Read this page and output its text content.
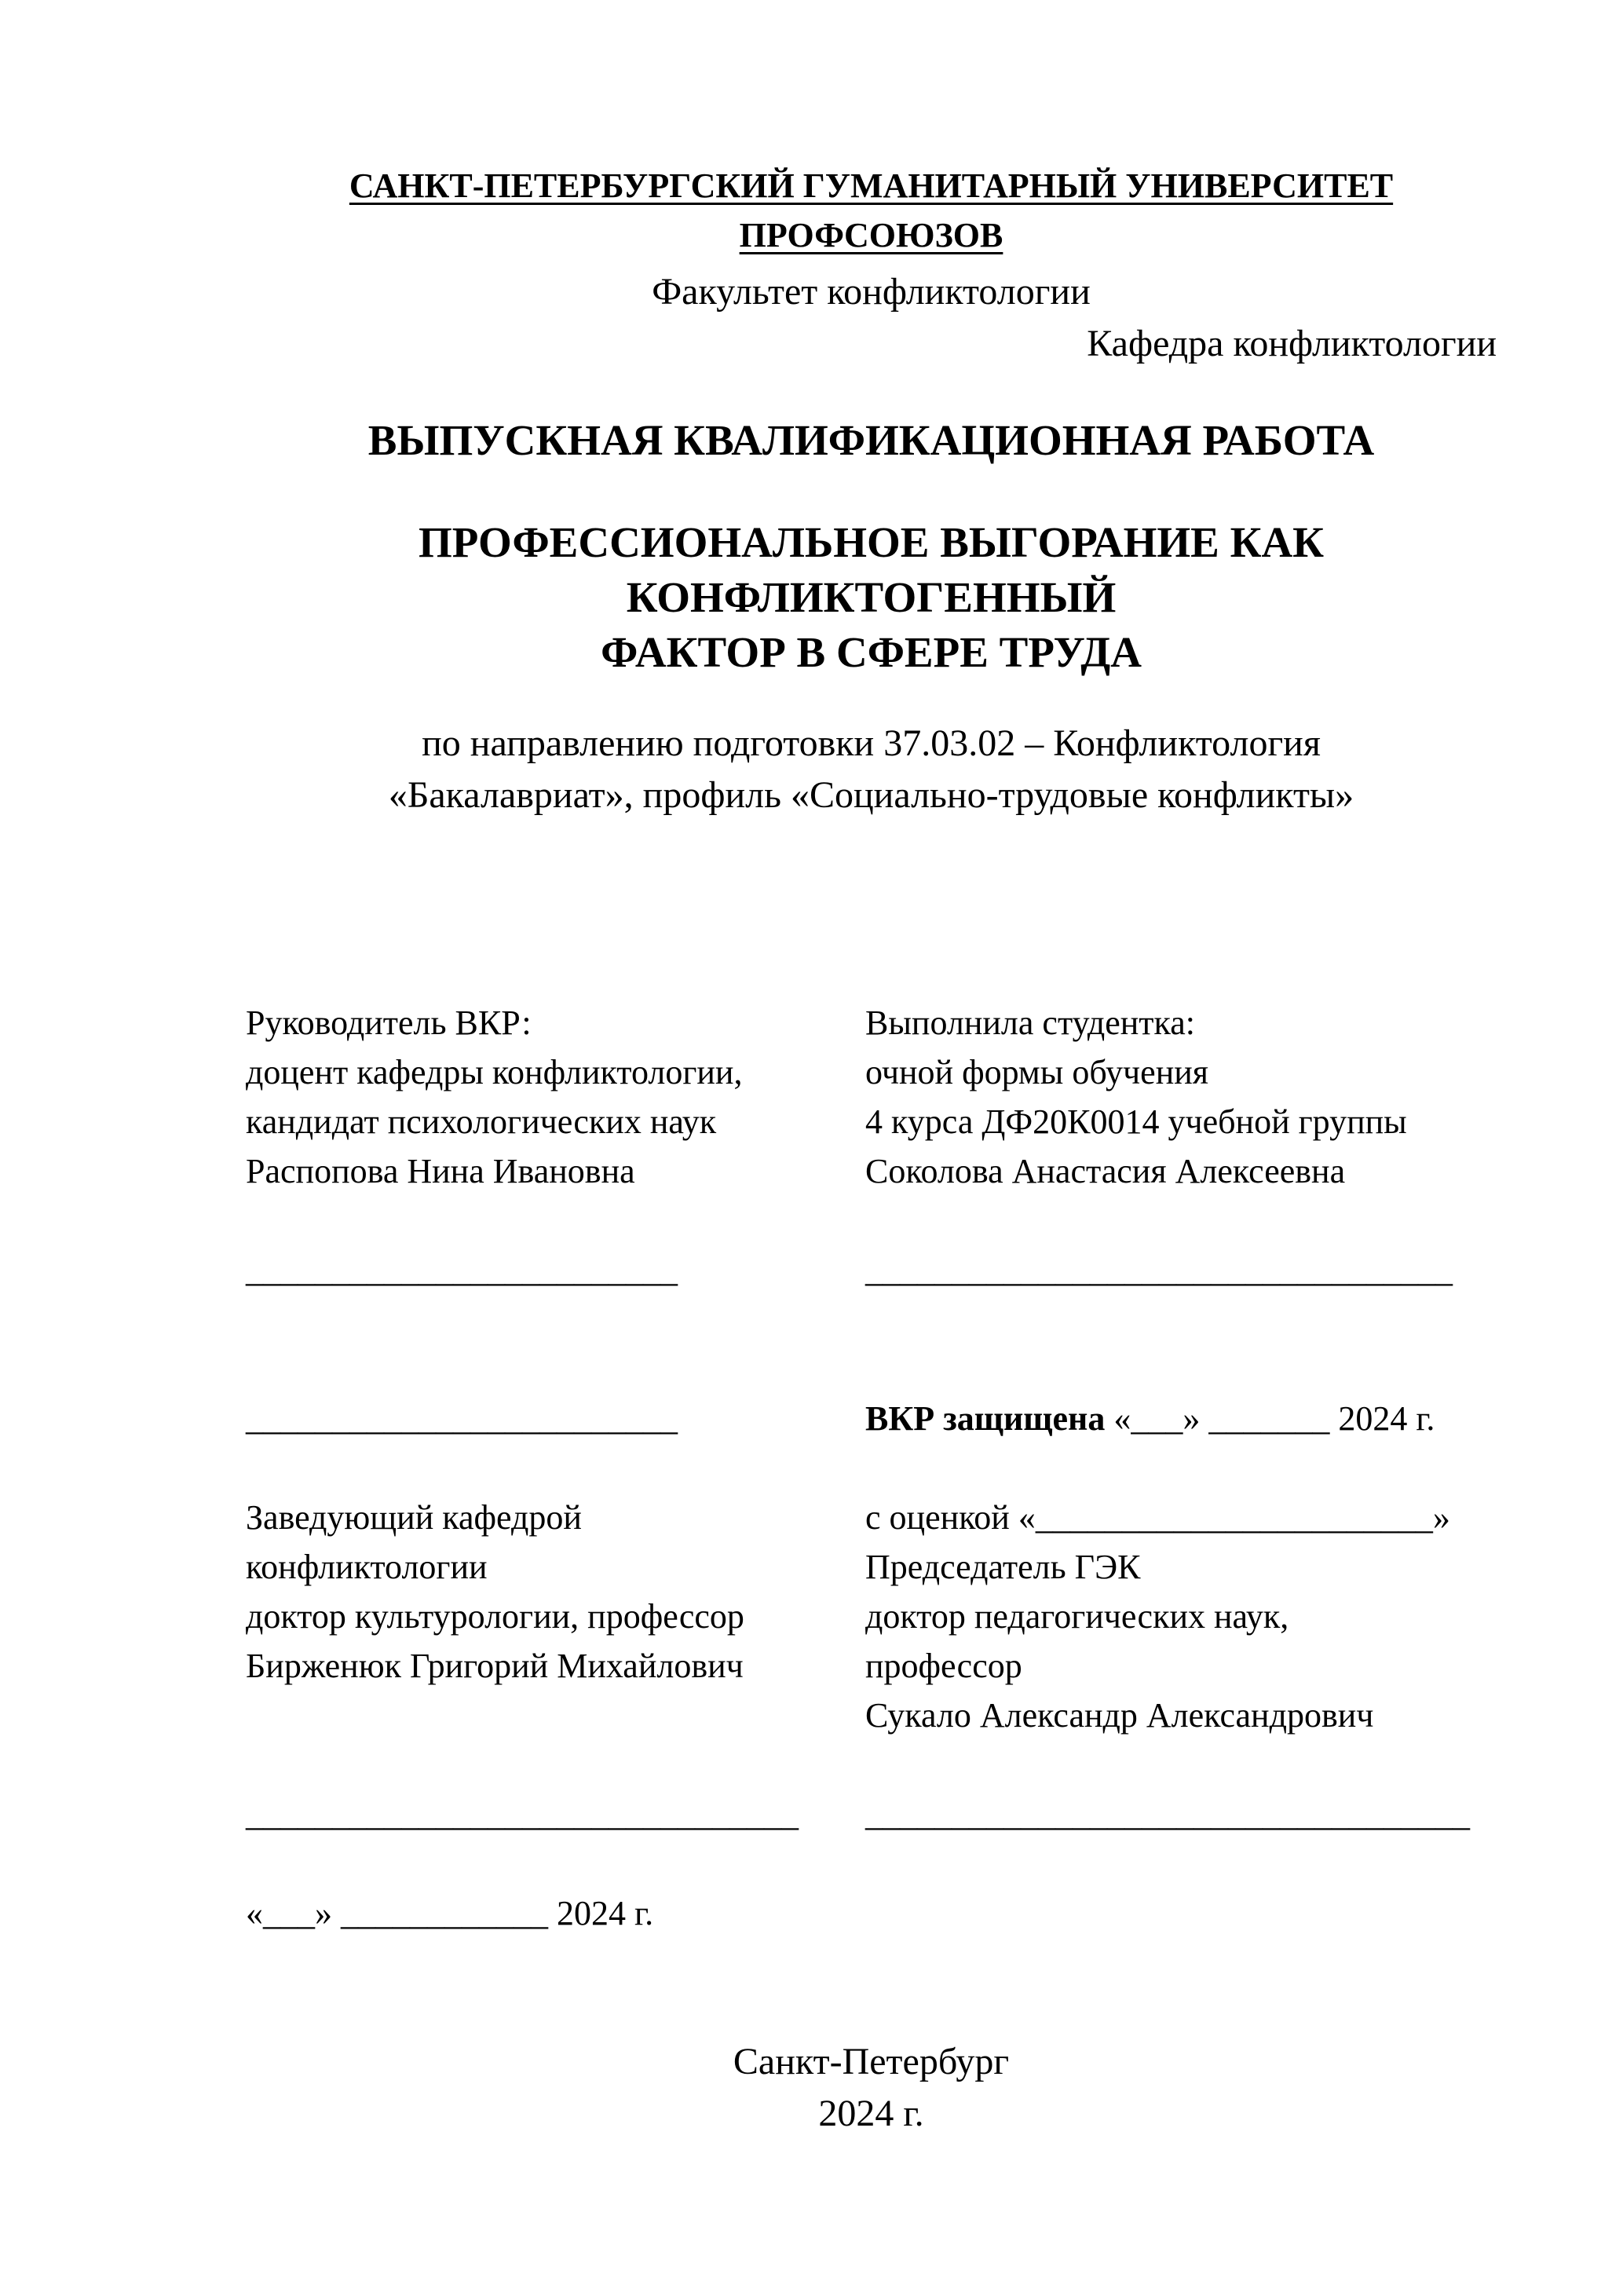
САНКТ-ПЕТЕРБУРГСКИЙ ГУМАНИТАРНЫЙ УНИВЕРСИТЕТ ПРОФСОЮЗОВ
Факультет конфликтологии
Кафедра конфликтологии
ВЫПУСКНАЯ КВАЛИФИКАЦИОННАЯ РАБОТА
ПРОФЕССИОНАЛЬНОЕ ВЫГОРАНИЕ КАК КОНФЛИКТОГЕННЫЙ
ФАКТОР В СФЕРЕ ТРУДА
по направлению подготовки 37.03.02 – Конфликтология
«Бакалавриат», профиль «Социально-трудовые конфликты»
Руководитель ВКР:
доцент кафедры конфликтологии,
кандидат психологических наук
Распопова Нина Ивановна
_________________________
_________________________
Заведующий кафедрой
конфликтологии
доктор культурологии, профессор
Бирженюк Григорий Михайлович
________________________________
«___» ____________ 2024 г.
Выполнила студентка:
очной формы обучения
4 курса ДФ20К0014 учебной группы
Соколова Анастасия Алексеевна
__________________________________
ВКР защищена «___» _______ 2024 г.
с оценкой «_______________________»
Председатель ГЭК
доктор педагогических наук,
профессор
Сукало Александр Александрович
___________________________________
Санкт-Петербург
2024 г.
